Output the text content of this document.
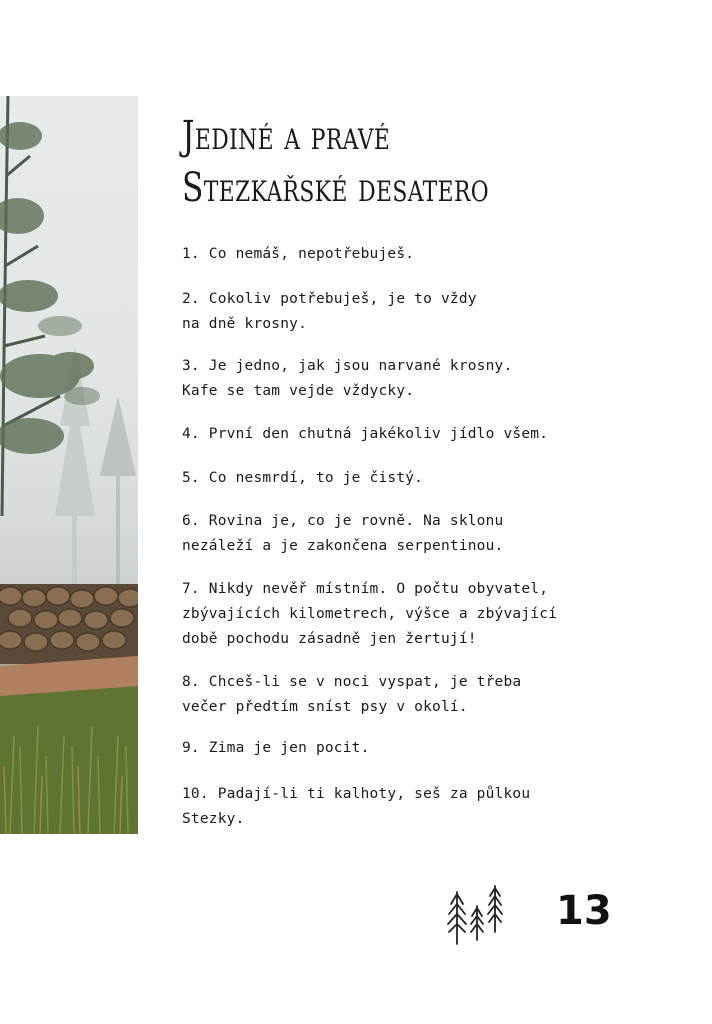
Jediné a pravé
Stezkařské desatero
1. Co nemáš, nepotřebuješ.
2. Cokoliv potřebuješ, je to vždy
na dně krosny.
3. Je jedno, jak jsou narvané krosny.
Kafe se tam vejde vždycky.
4. První den chutná jakékoliv jídlo všem.
5. Co nesmrdí, to je čistý.
6. Rovina je, co je rovně. Na sklonu
nezáleží a je zakončena serpentinou.
7. Nikdy nevěř místním. O počtu obyvatel,
zbývajících kilometrech, výšce a zbývající
době pochodu zásadně jen žertují!
8. Chceš-li se v noci vyspat, je třeba
večer předtím sníst psy v okolí.
9. Zima je jen pocit.
10. Padají-li ti kalhoty, seš za půlkou
Stezky.
13
